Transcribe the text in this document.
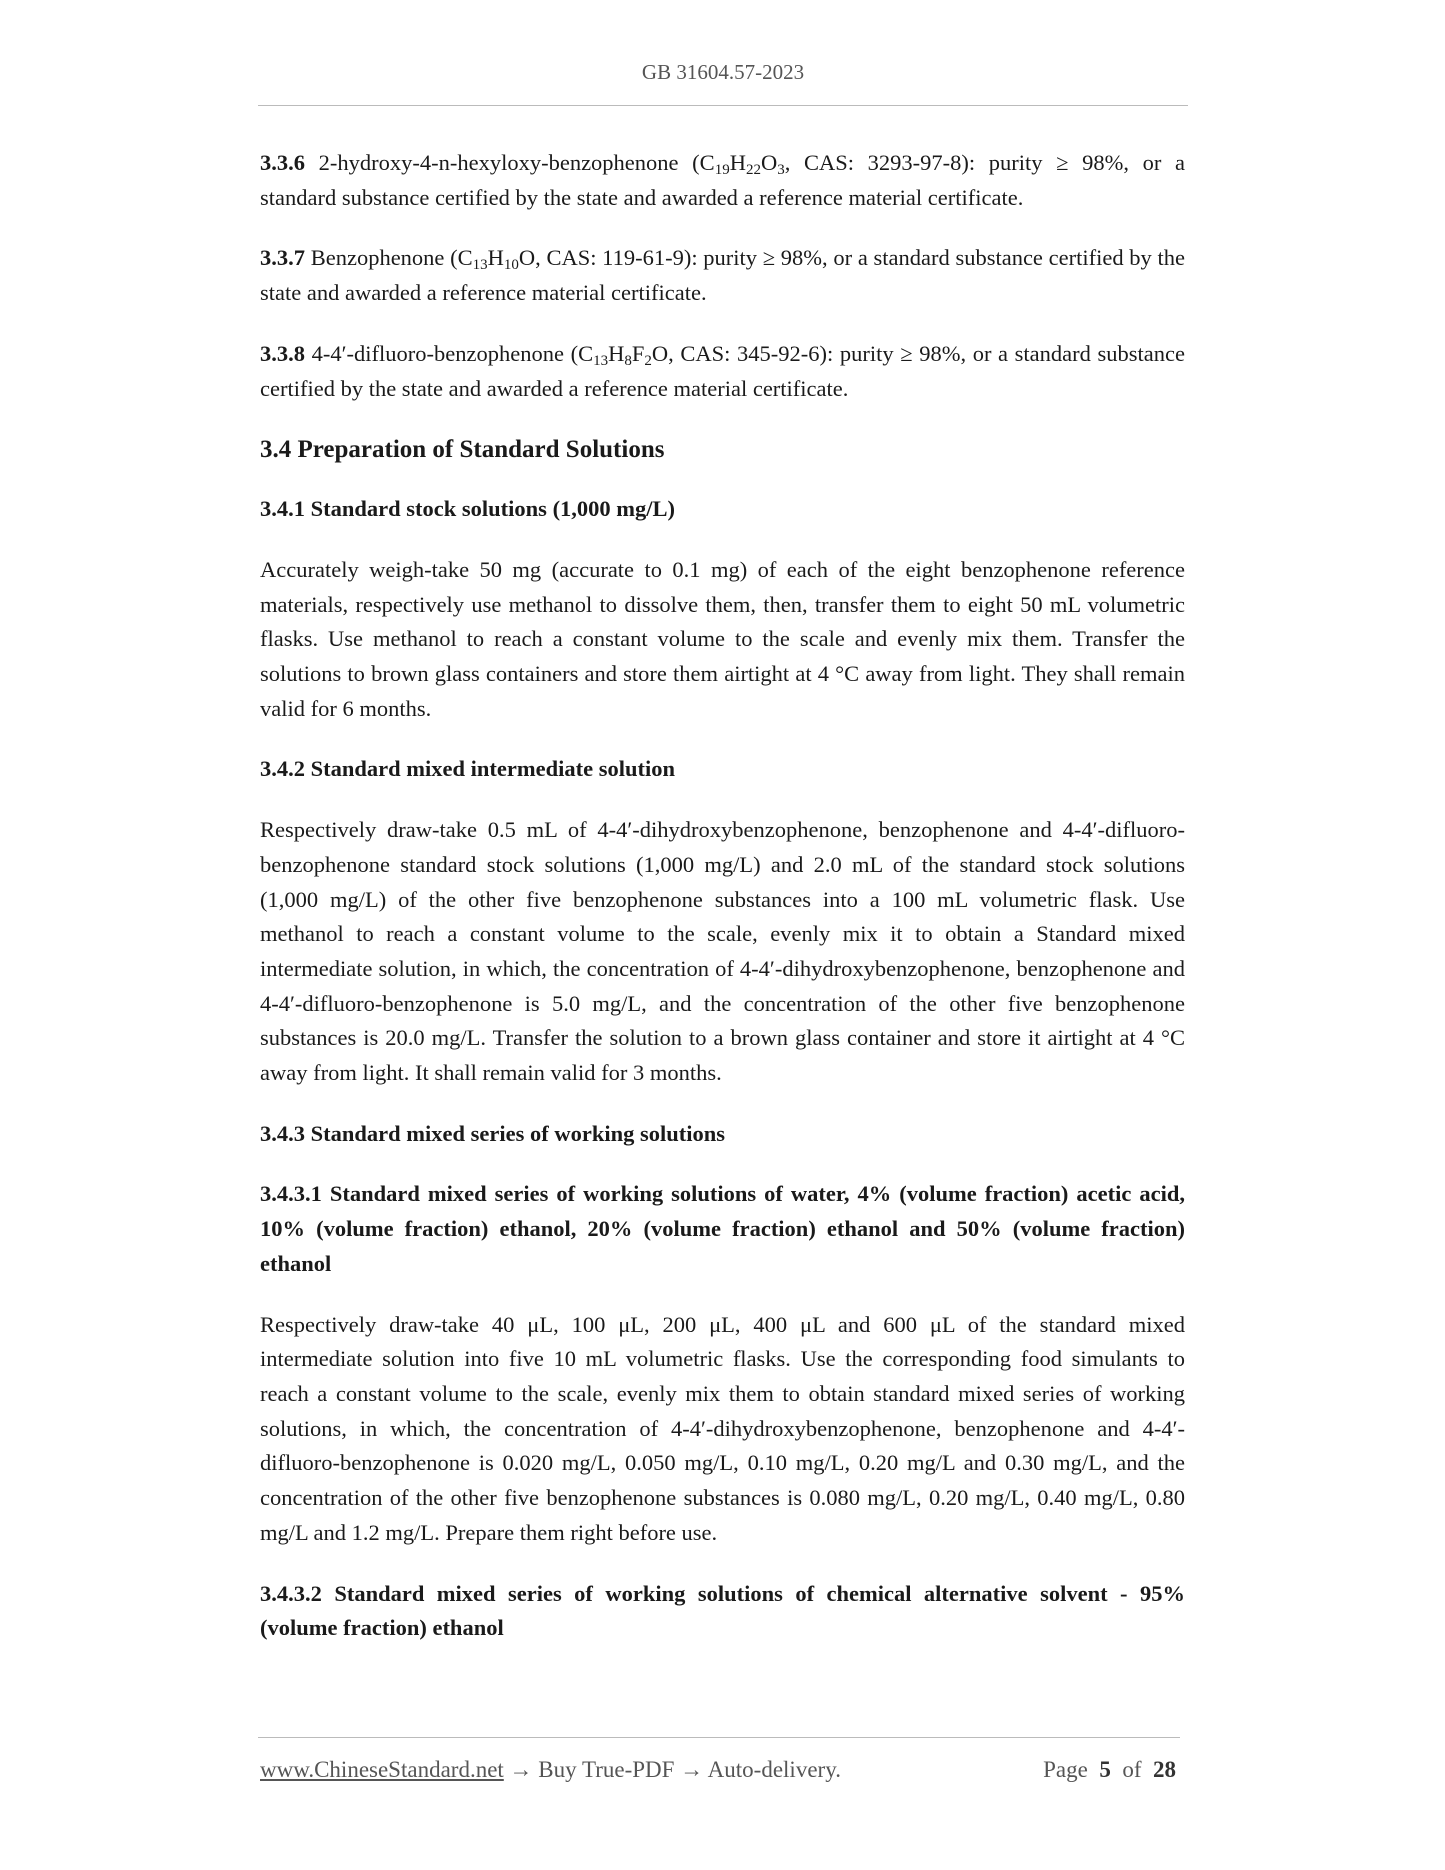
GB 31604.57-2023

3.3.6 2-hydroxy-4-n-hexyloxy-benzophenone ($C_{19}H_{22}O_3$, CAS: 3293-97-8): purity ≥ 98%, or a standard substance certified by the state and awarded a reference material certificate.

3.3.7 Benzophenone ($C_{13}H_{10}O$, CAS: 119-61-9): purity ≥ 98%, or a standard substance certified by the state and awarded a reference material certificate.

3.3.8 4-4′-difluoro-benzophenone ($C_{13}H_8F_2O$, CAS: 345-92-6): purity ≥ 98%, or a standard substance certified by the state and awarded a reference material certificate.

3.4 Preparation of Standard Solutions
3.4.1 Standard stock solutions (1,000 mg/L)

Accurately weigh-take 50 mg (accurate to 0.1 mg) of each of the eight benzophenone reference materials, respectively use methanol to dissolve them, then, transfer them to eight 50 mL volumetric flasks. Use methanol to reach a constant volume to the scale and evenly mix them. Transfer the solutions to brown glass containers and store them airtight at 4 °C away from light. They shall remain valid for 6 months.

3.4.2 Standard mixed intermediate solution

Respectively draw-take 0.5 mL of 4-4′-dihydroxybenzophenone, benzophenone and 4-4′-difluoro-benzophenone standard stock solutions (1,000 mg/L) and 2.0 mL of the standard stock solutions (1,000 mg/L) of the other five benzophenone substances into a 100 mL volumetric flask. Use methanol to reach a constant volume to the scale, evenly mix it to obtain a Standard mixed intermediate solution, in which, the concentration of 4-4′-dihydroxybenzophenone, benzophenone and 4-4′-difluoro-benzophenone is 5.0 mg/L, and the concentration of the other five benzophenone substances is 20.0 mg/L. Transfer the solution to a brown glass container and store it airtight at 4 °C away from light. It shall remain valid for 3 months.

3.4.3 Standard mixed series of working solutions
3.4.3.1 Standard mixed series of working solutions of water, 4% (volume fraction) acetic acid, 10% (volume fraction) ethanol, 20% (volume fraction) ethanol and 50% (volume fraction) ethanol

Respectively draw-take 40 μL, 100 μL, 200 μL, 400 μL and 600 μL of the standard mixed intermediate solution into five 10 mL volumetric flasks. Use the corresponding food simulants to reach a constant volume to the scale, evenly mix them to obtain standard mixed series of working solutions, in which, the concentration of 4-4′-dihydroxybenzophenone, benzophenone and 4-4′-difluoro-benzophenone is 0.020 mg/L, 0.050 mg/L, 0.10 mg/L, 0.20 mg/L and 0.30 mg/L, and the concentration of the other five benzophenone substances is 0.080 mg/L, 0.20 mg/L, 0.40 mg/L, 0.80 mg/L and 1.2 mg/L. Prepare them right before use.

3.4.3.2 Standard mixed series of working solutions of chemical alternative solvent - 95% (volume fraction) ethanol
www.ChineseStandard.net → Buy True-PDF → Auto-delivery.	Page 5 of 28
